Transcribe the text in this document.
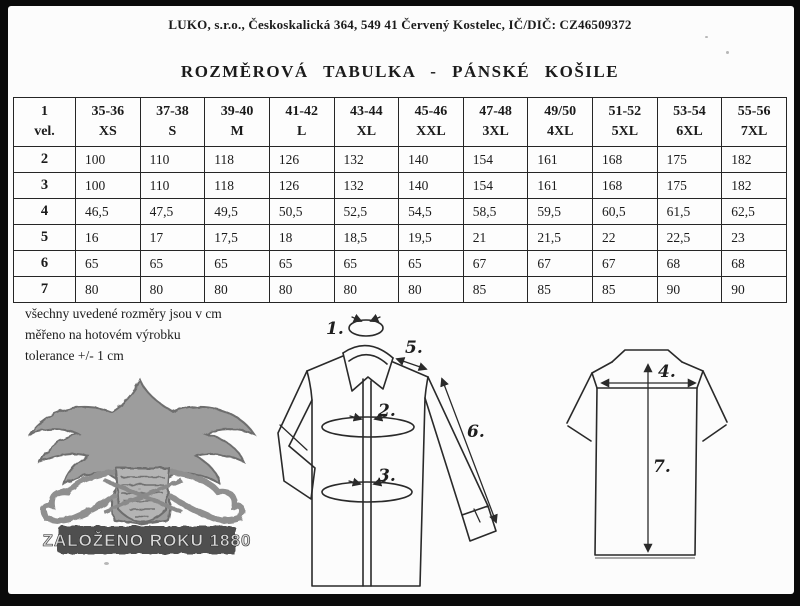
LUKO, s.r.o., Českoskalická 364, 549 41 Červený Kostelec, IČ/DIČ: CZ46509372
ROZMĚROVÁ TABULKA - PÁNSKÉ KOŠILE
1
vel.

35-36
XS

37-38
S

39-40
M

41-42
L

43-44
XL

45-46
XXL

47-48
3XL

49/50
4XL

51-52
5XL

53-54
6XL

55-56
7XL

2	100	110	118	126	132	140	154	161	168	175	182
3	100	110	118	126	132	140	154	161	168	175	182
4	46,5	47,5	49,5	50,5	52,5	54,5	58,5	59,5	60,5	61,5	62,5
5	16	17	17,5	18	18,5	19,5	21	21,5	22	22,5	23
6	65	65	65	65	65	65	67	67	67	68	68
7	80	80	80	80	80	80	85	85	85	90	90
všechny uvedené rozměry jsou v cm
měřeno na hotovém výrobku
tolerance +/- 1 cm
ZALOŽENO ROKU 1880
1.
2.
3.
5.
6.
4.
7.
